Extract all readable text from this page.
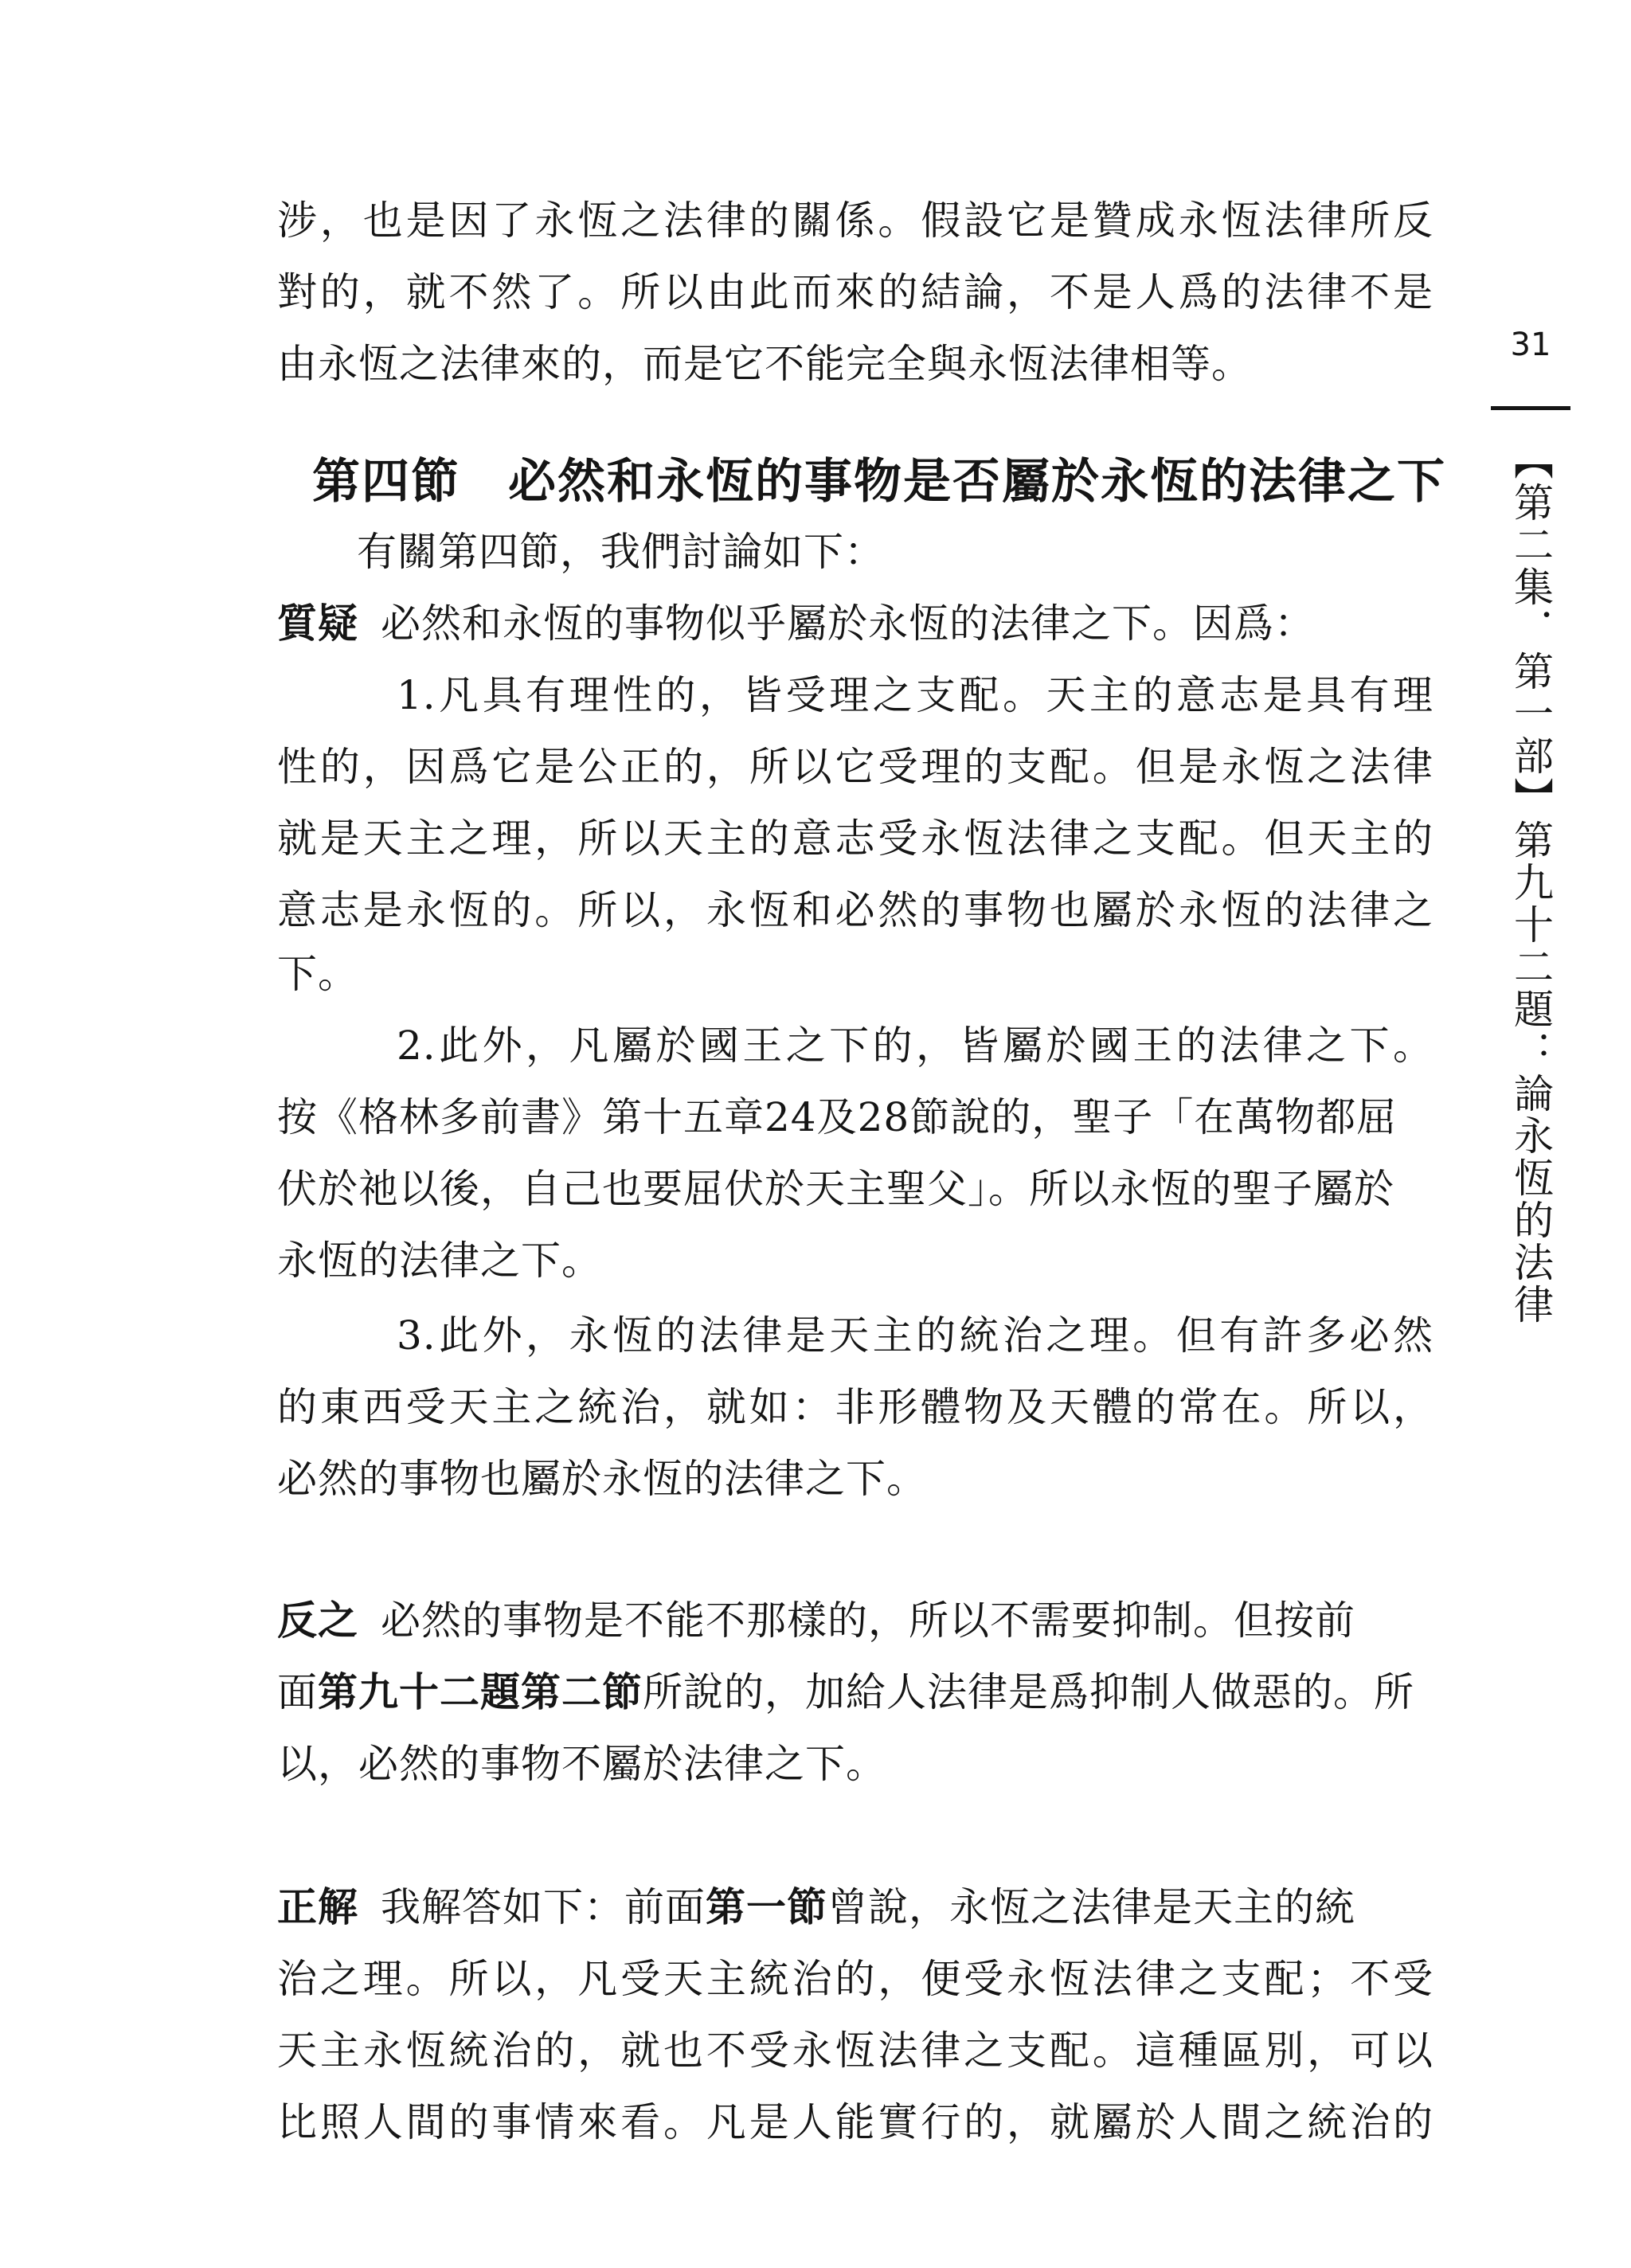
31
【第二集．第一部】第九十二題：論永恆的法律
涉，也是因了永恆之法律的關係。假設它是贊成永恆法律所反
對的，就不然了。所以由此而來的結論，不是人爲的法律不是
由永恆之法律來的，而是它不能完全與永恆法律相等。
第四節 必然和永恆的事物是否屬於永恆的法律之下
有關第四節，我們討論如下：
質疑 必然和永恆的事物似乎屬於永恆的法律之下。因爲：
1.凡具有理性的，皆受理之支配。天主的意志是具有理
性的，因爲它是公正的，所以它受理的支配。但是永恆之法律
就是天主之理，所以天主的意志受永恆法律之支配。但天主的
意志是永恆的。所以，永恆和必然的事物也屬於永恆的法律之
下。
2.此外，凡屬於國王之下的，皆屬於國王的法律之下。
按《格林多前書》第十五章24及28節說的，聖子「在萬物都屈
伏於祂以後，自己也要屈伏於天主聖父」。所以永恆的聖子屬於
永恆的法律之下。
3.此外，永恆的法律是天主的統治之理。但有許多必然
的東西受天主之統治，就如：非形體物及天體的常在。所以，
必然的事物也屬於永恆的法律之下。
反之 必然的事物是不能不那樣的，所以不需要抑制。但按前
面第九十二題第二節所說的，加給人法律是爲抑制人做惡的。所
以，必然的事物不屬於法律之下。
正解 我解答如下：前面第一節曾說，永恆之法律是天主的統
治之理。所以，凡受天主統治的，便受永恆法律之支配；不受
天主永恆統治的，就也不受永恆法律之支配。這種區別，可以
比照人間的事情來看。凡是人能實行的，就屬於人間之統治的
